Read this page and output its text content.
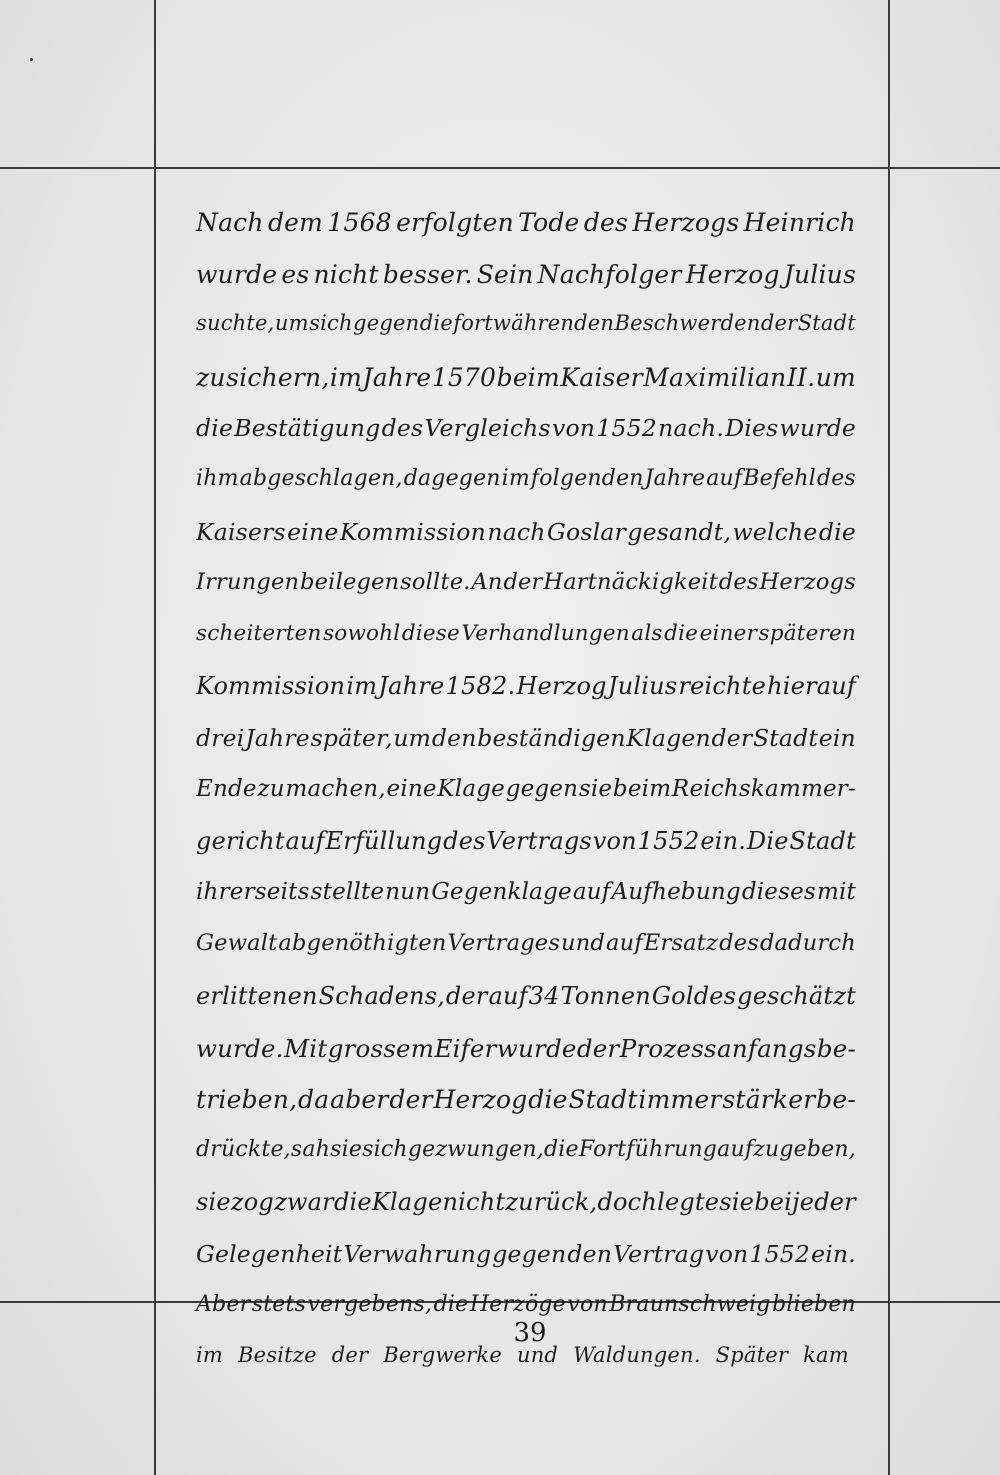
Nach dem 1568 erfolgten Tode des Herzogs Heinrich
wurde es nicht besser. Sein Nachfolger Herzog Julius
suchte, um sich gegen die fortwährenden Beschwerden der Stadt
zu sichern, im Jahre 1570 beim Kaiser Maximilian II. um
die Bestätigung des Vergleichs von 1552 nach. Dies wurde
ihm abgeschlagen, dagegen im folgenden Jahre auf Befehl des
Kaisers eine Kommission nach Goslar gesandt, welche die
Irrungen beilegen sollte. An der Hartnäckigkeit des Herzogs
scheiterten sowohl diese Verhandlungen als die einer späteren
Kommission im Jahre 1582. Herzog Julius reichte hierauf
drei Jahre später, um den beständigen Klagen der Stadt ein
Ende zu machen, eine Klage gegen sie beim Reichskammer-
gericht auf Erfüllung des Vertrags von 1552 ein. Die Stadt
ihrerseits stellte nun Gegenklage auf Aufhebung dieses mit
Gewalt abgenöthigten Vertrages und auf Ersatz des dadurch
erlittenen Schadens, der auf 34 Tonnen Goldes geschätzt
wurde. Mit grossem Eifer wurde der Prozess anfangs be-
trieben, da aber der Herzog die Stadt immer stärker be-
drückte, sah sie sich gezwungen, die Fortführung aufzugeben,
sie zog zwar die Klage nicht zurück, doch legte sie bei jeder
Gelegenheit Verwahrung gegen den Vertrag von 1552 ein.
Aber stets vergebens, die Herzöge von Braunschweig blieben
im Besitze der Bergwerke und Waldungen. Später kam
39
